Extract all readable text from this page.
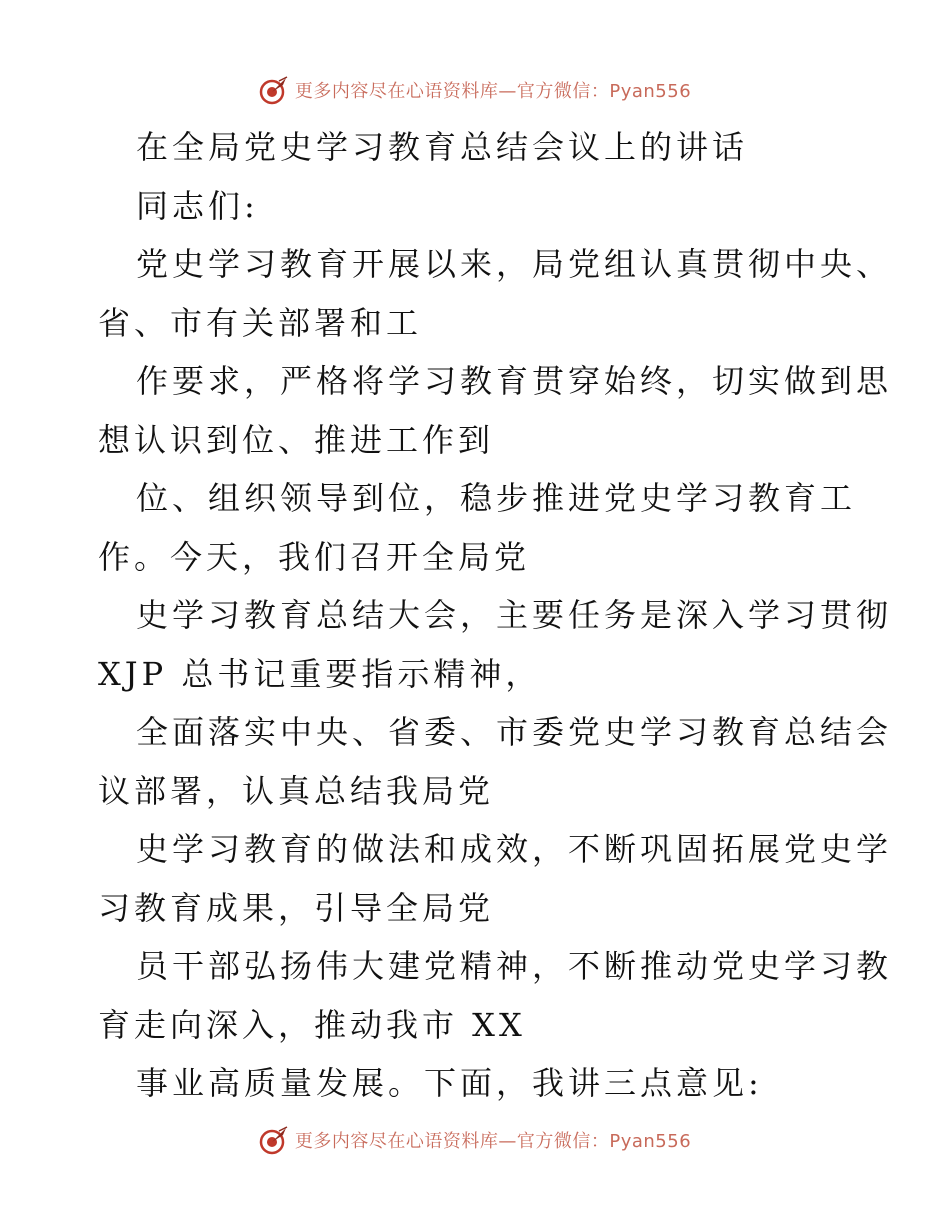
更多内容尽在心语资料库—官方微信：Pyan556
在全局党史学习教育总结会议上的讲话
同志们:
党史学习教育开展以来，局党组认真贯彻中央、
省、市有关部署和工
作要求，严格将学习教育贯穿始终，切实做到思
想认识到位、推进工作到
位、组织领导到位，稳步推进党史学习教育工
作。今天，我们召开全局党
史学习教育总结大会，主要任务是深入学习贯彻
XJP 总书记重要指示精神，
全面落实中央、省委、市委党史学习教育总结会
议部署，认真总结我局党
史学习教育的做法和成效，不断巩固拓展党史学
习教育成果，引导全局党
员干部弘扬伟大建党精神，不断推动党史学习教
育走向深入，推动我市 XX
事业高质量发展。下面，我讲三点意见:
更多内容尽在心语资料库—官方微信：Pyan556
